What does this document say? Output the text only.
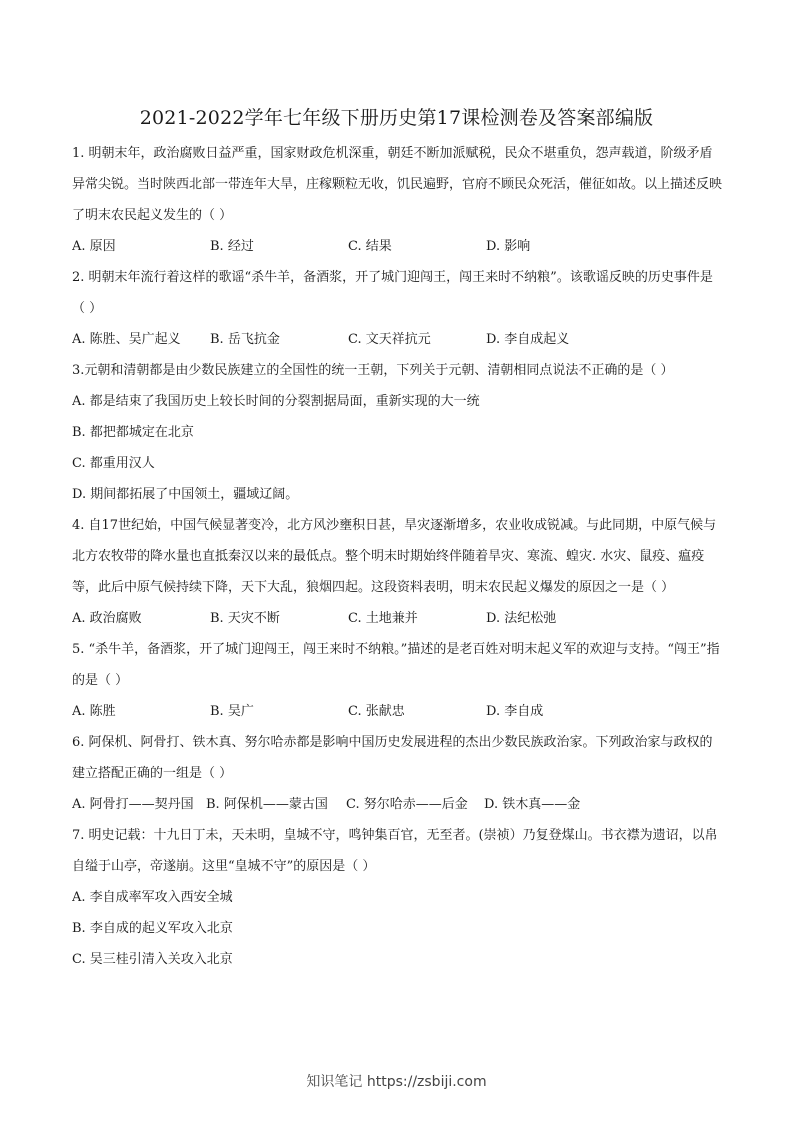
2021-2022学年七年级下册历史第17课检测卷及答案部编版
1. 明朝末年，政治腐败日益严重，国家财政危机深重，朝廷不断加派赋税，民众不堪重负，怨声载道，阶级矛盾异常尖锐。当时陕西北部一带连年大旱，庄稼颗粒无收，饥民遍野，官府不顾民众死活，催征如故。以上描述反映了明末农民起义发生的（ ）
A. 原因	B. 经过	C. 结果	D. 影响
2. 明朝末年流行着这样的歌谣“杀牛羊，备酒浆，开了城门迎闯王，闯王来时不纳粮”。该歌谣反映的历史事件是（ ）
A. 陈胜、吴广起义	B. 岳飞抗金	C. 文天祥抗元	D. 李自成起义
3.元朝和清朝都是由少数民族建立的全国性的统一王朝，下列关于元朝、清朝相同点说法不正确的是（ ）
A. 都是结束了我国历史上较长时间的分裂割据局面，重新实现的大一统
B. 都把都城定在北京
C. 都重用汉人
D. 期间都拓展了中国领土，疆域辽阔。
4. 自17世纪始，中国气候显著变冷，北方风沙壅积日甚，旱灾逐渐增多，农业收成锐减。与此同期，中原气候与北方农牧带的降水量也直抵秦汉以来的最低点。整个明末时期始终伴随着旱灾、寒流、蝗灾. 水灾、鼠疫、瘟疫等，此后中原气候持续下降，天下大乱，狼烟四起。这段资料表明，明末农民起义爆发的原因之一是（ ）
A. 政治腐败	B. 天灾不断	C. 土地兼并	D. 法纪松弛
5. “杀牛羊，备酒浆，开了城门迎闯王，闯王来时不纳粮。”描述的是老百姓对明末起义军的欢迎与支持。“闯王”指的是（ ）
A. 陈胜	B. 吴广	C. 张献忠	D. 李自成
6. 阿保机、阿骨打、铁木真、努尔哈赤都是影响中国历史发展进程的杰出少数民族政治家。下列政治家与政权的建立搭配正确的一组是（ ）
A. 阿骨打——契丹国 B. 阿保机——蒙古国	C. 努尔哈赤——后金	D. 铁木真——金
7. 明史记载：十九日丁未，天未明，皇城不守，鸣钟集百官，无至者。(崇祯）乃复登煤山。书衣襟为遗诏，以帛自缢于山亭，帝遂崩。这里“皇城不守”的原因是（ ）
A. 李自成率军攻入西安全城
B. 李自成的起义军攻入北京
C. 吴三桂引清入关攻入北京
知识笔记 https://zsbiji.com
